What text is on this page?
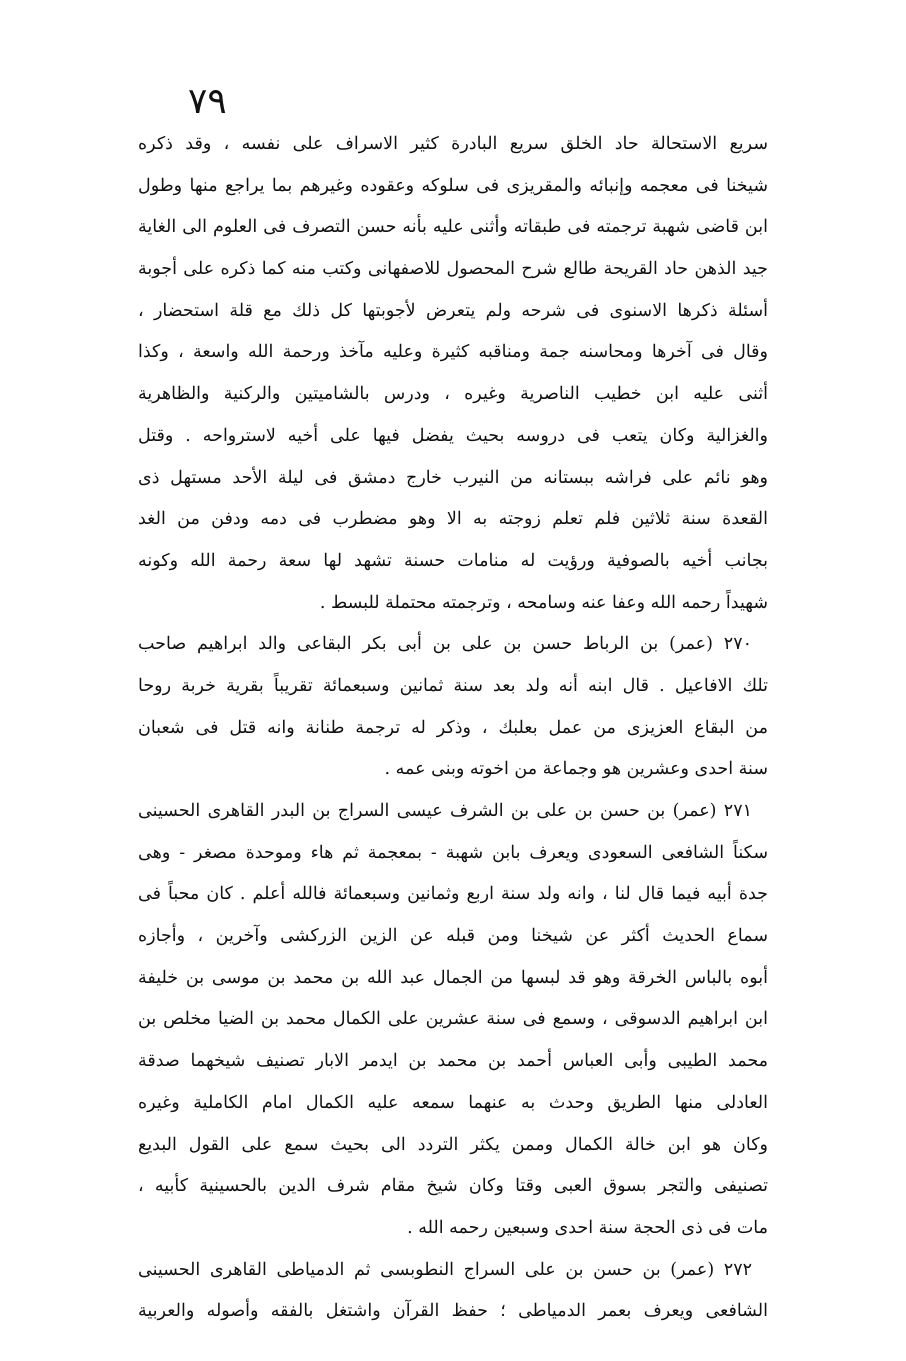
٧٩
سريع الاستحالة حاد الخلق سريع البادرة كثير الاسراف على نفسه ، وقد ذكره
شيخنا فى معجمه وإنبائه والمقريزى فى سلوكه وعقوده وغيرهم بما يراجع منها وطول
ابن قاضى شهبة ترجمته فى طبقاته وأثنى عليه بأنه حسن التصرف فى العلوم الى الغاية
جيد الذهن حاد القريحة طالع شرح المحصول للاصفهانى وكتب منه كما ذكره على أجوبة
أسئلة ذكرها الاسنوى فى شرحه ولم يتعرض لأجوبتها كل ذلك مع قلة استحضار ،
وقال فى آخرها ومحاسنه جمة ومناقبه كثيرة وعليه مآخذ ورحمة الله واسعة ، وكذا
أثنى عليه ابن خطيب الناصرية وغيره ، ودرس بالشاميتين والركنية والظاهرية
والغزالية وكان يتعب فى دروسه بحيث يفضل فيها على أخيه لاسترواحه . وقتل
وهو نائم على فراشه ببستانه من النيرب خارج دمشق فى ليلة الأحد مستهل ذى
القعدة سنة ثلاثين فلم تعلم زوجته به الا وهو مضطرب فى دمه ودفن من الغد
بجانب أخيه بالصوفية ورؤيت له منامات حسنة تشهد لها سعة رحمة الله وكونه
شهيداً رحمه الله وعفا عنه وسامحه ، وترجمته محتملة للبسط .
٢٧٠ (عمر) بن الرباط حسن بن على بن أبى بكر البقاعى والد ابراهيم صاحب
تلك الافاعيل . قال ابنه أنه ولد بعد سنة ثمانين وسبعمائة تقريباً بقرية خربة روحا
من البقاع العزيزى من عمل بعلبك ، وذكر له ترجمة طنانة وانه قتل فى شعبان
سنة احدى وعشرين هو وجماعة من اخوته وبنى عمه .
٢٧١ (عمر) بن حسن بن على بن الشرف عيسى السراج بن البدر القاهرى الحسينى
سكناً الشافعى السعودى ويعرف بابن شهبة - بمعجمة ثم هاء وموحدة مصغر - وهى
جدة أبيه فيما قال لنا ، وانه ولد سنة اربع وثمانين وسبعمائة فالله أعلم . كان محباً فى
سماع الحديث أكثر عن شيخنا ومن قبله عن الزين الزركشى وآخرين ، وأجازه
أبوه بالباس الخرقة وهو قد لبسها من الجمال عبد الله بن محمد بن موسى بن خليفة
ابن ابراهيم الدسوقى ، وسمع فى سنة عشرين على الكمال محمد بن الضيا مخلص بن
محمد الطيبى وأبى العباس أحمد بن محمد بن ايدمر الابار تصنيف شيخهما صدقة
العادلى منها الطريق وحدث به عنهما سمعه عليه الكمال امام الكاملية وغيره
وكان هو ابن خالة الكمال وممن يكثر التردد الى بحيث سمع على القول البديع
تصنيفى والتجر بسوق العبى وقتا وكان شيخ مقام شرف الدين بالحسينية كأبيه ،
مات فى ذى الحجة سنة احدى وسبعين رحمه الله .
٢٧٢ (عمر) بن حسن بن على السراج النطوبسى ثم الدمياطى القاهرى الحسينى
الشافعى ويعرف بعمر الدمياطى ؛ حفظ القرآن واشتغل بالفقه وأصوله والعربية
